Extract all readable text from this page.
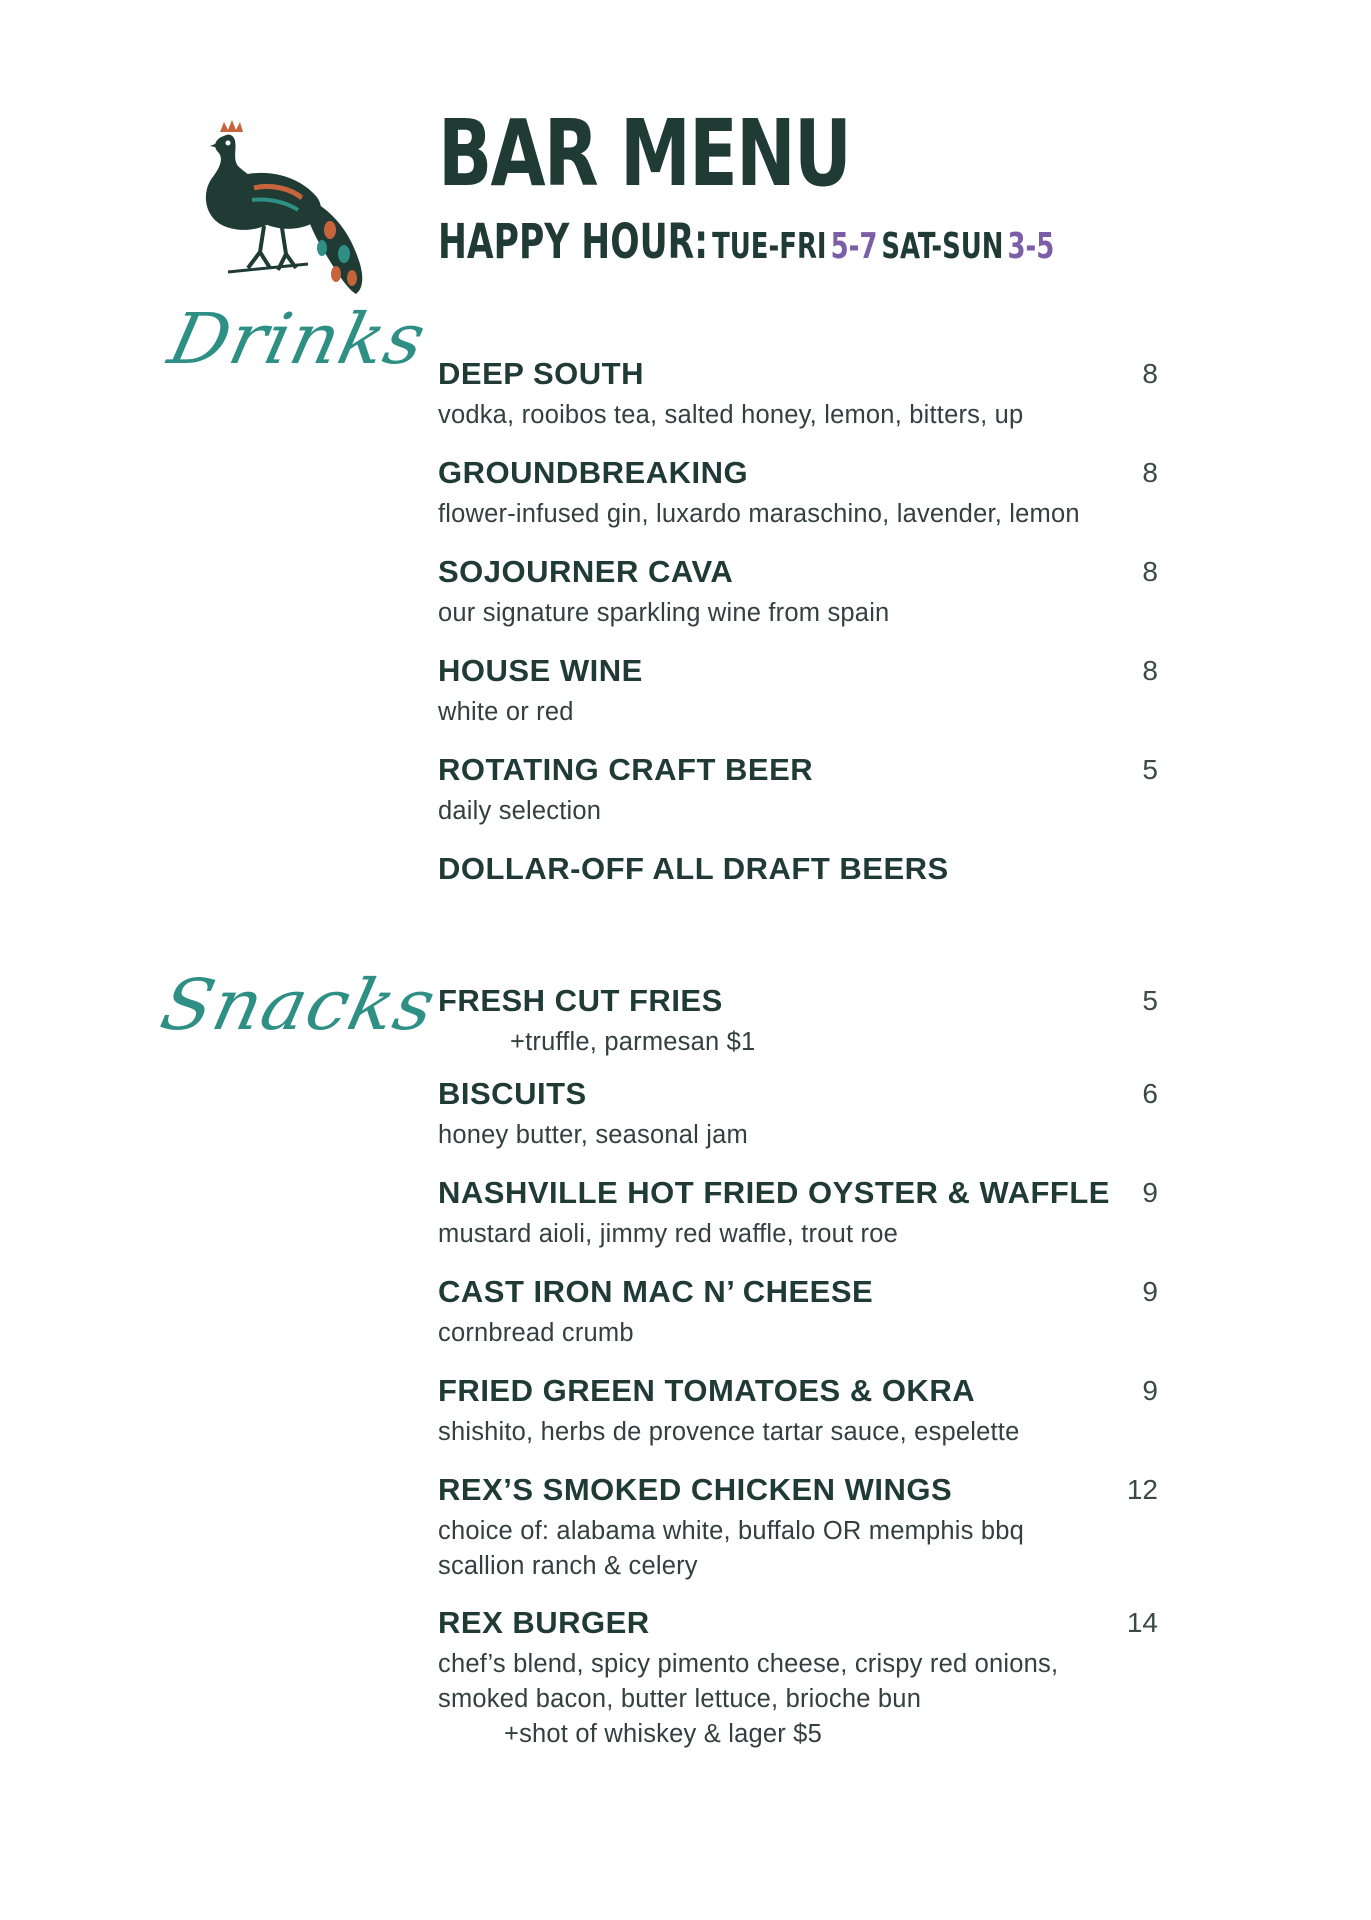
BAR MENU
HAPPY HOUR: TUE-FRI 5-7 SAT-SUN 3-5
Drinks DEEP SOUTH	8
vodka, rooibos tea, salted honey, lemon, bitters, up
GROUNDBREAKING	8
flower-infused gin, luxardo maraschino, lavender, lemon
SOJOURNER CAVA	8
our signature sparkling wine from spain
HOUSE WINE	8
white or red
ROTATING CRAFT BEER	5
daily selection
DOLLAR-OFF ALL DRAFT BEERS
Snacks
FRESH CUT FRIES	5
+truffle, parmesan $1
BISCUITS	6
honey butter, seasonal jam
NASHVILLE HOT FRIED OYSTER & WAFFLE 9
mustard aioli, jimmy red waffle, trout roe
CAST IRON MAC N’ CHEESE	9
cornbread crumb
FRIED GREEN TOMATOES & OKRA	9
shishito, herbs de provence tartar sauce, espelette
REX’S SMOKED CHICKEN WINGS	12
choice of: alabama white, buffalo OR memphis bbq
scallion ranch & celery
REX BURGER	14
chef’s blend, spicy pimento cheese, crispy red onions,
smoked bacon, butter lettuce, brioche bun
+shot of whiskey & lager $5
